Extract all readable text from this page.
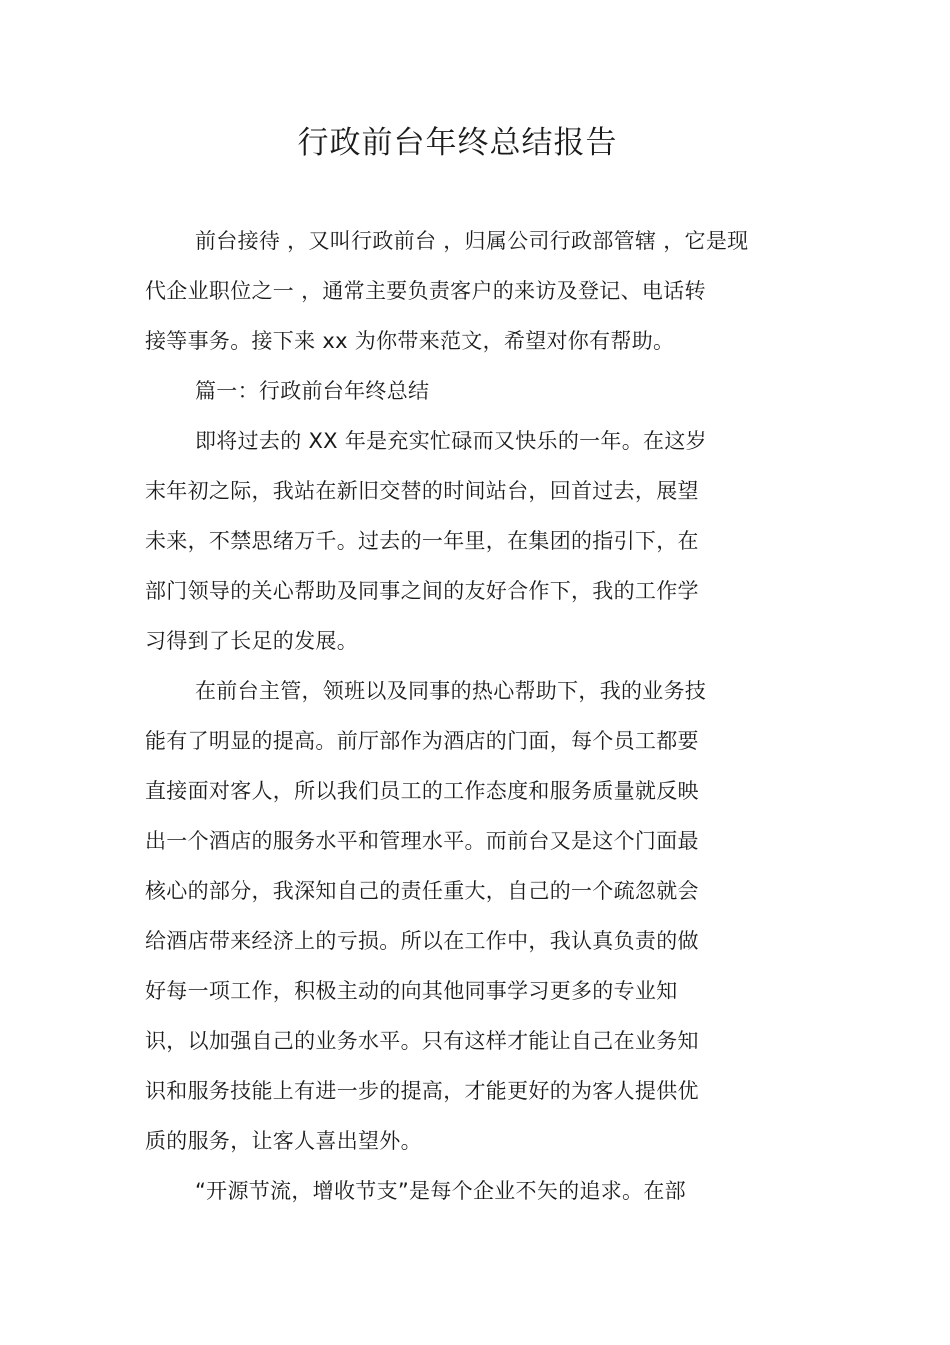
行政前台年终总结报告

前台接待 ，又叫行政前台 ，归属公司行政部管辖 ，它是现

代企业职位之一 ，通常主要负责客户的来访及登记、电话转

接等事务。接下来 xx 为你带来范文，希望对你有帮助。

篇一：行政前台年终总结

即将过去的 XX 年是充实忙碌而又快乐的一年。在这岁

末年初之际，我站在新旧交替的时间站台，回首过去，展望

未来，不禁思绪万千。过去的一年里，在集团的指引下，在

部门领导的关心帮助及同事之间的友好合作下，我的工作学

习得到了长足的发展。

在前台主管，领班以及同事的热心帮助下，我的业务技

能有了明显的提高。前厅部作为酒店的门面，每个员工都要

直接面对客人，所以我们员工的工作态度和服务质量就反映

出一个酒店的服务水平和管理水平。而前台又是这个门面最

核心的部分，我深知自己的责任重大，自己的一个疏忽就会

给酒店带来经济上的亏损。所以在工作中，我认真负责的做

好每一项工作，积极主动的向其他同事学习更多的专业知

识，以加强自己的业务水平。只有这样才能让自己在业务知

识和服务技能上有进一步的提高，才能更好的为客人提供优

质的服务，让客人喜出望外。

“开源节流，增收节支”是每个企业不矢的追求。在部
